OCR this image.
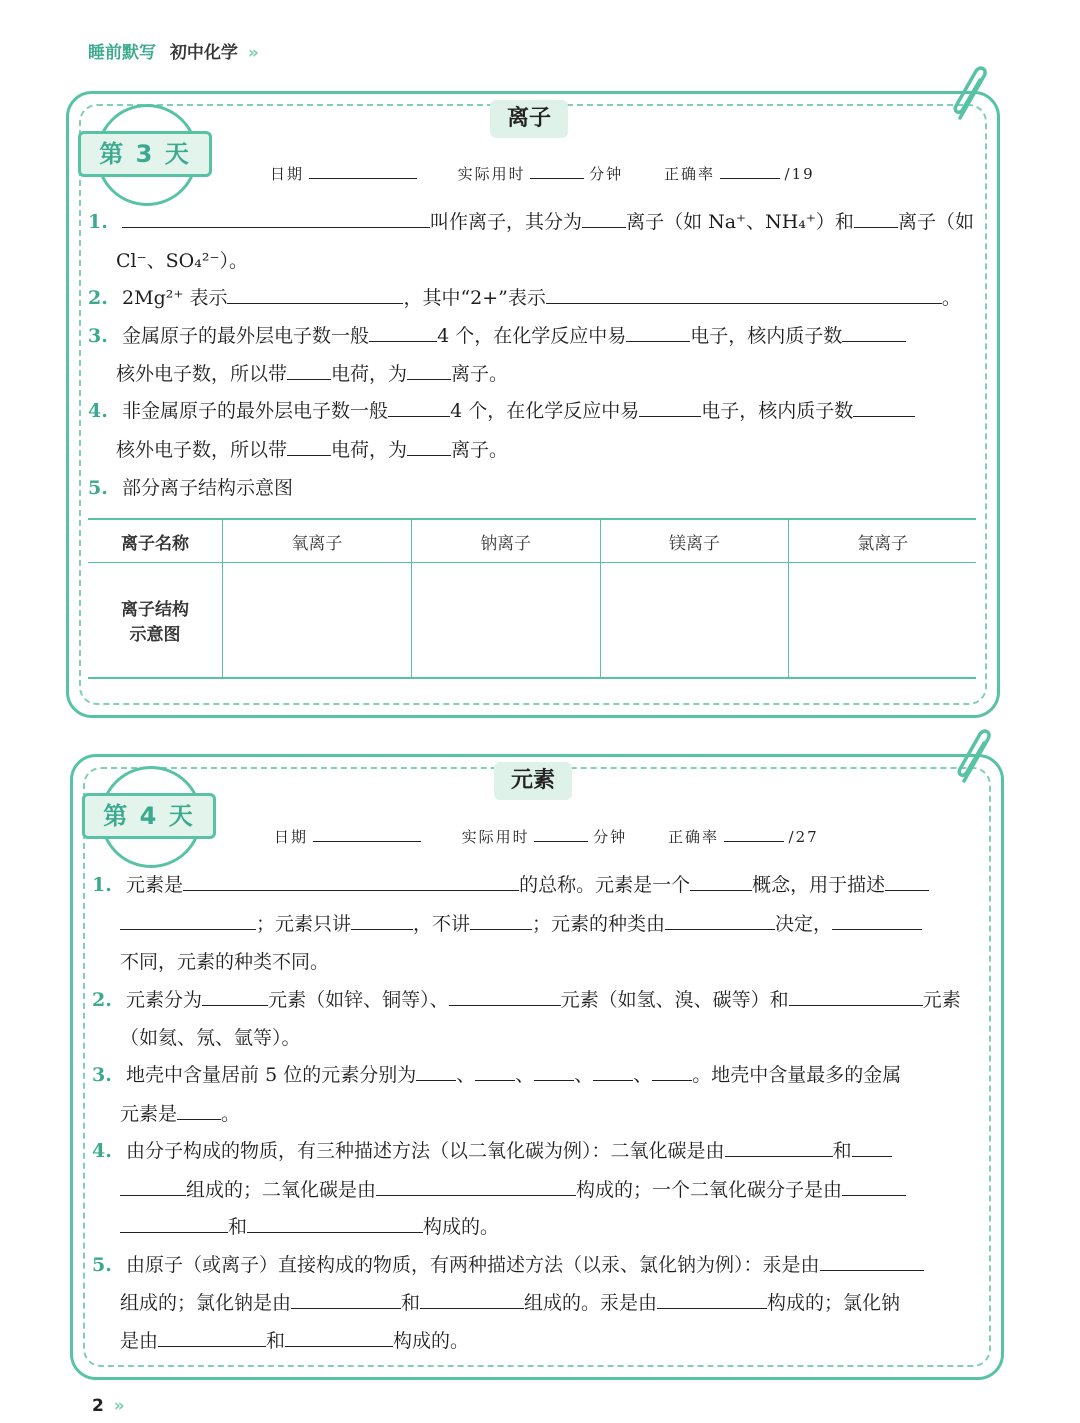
睡前默写 初中化学 »
离子
第 3 天
日期	实际用时	分钟	正确率	/19
1.	叫作离子，其分为 离子（如 Na⁺、NH₄⁺）和 离子（如
Cl⁻、SO₄²⁻）。
2. 2Mg²⁺ 表示	，其中“2+”表示	。
3. 金属原子的最外层电子数一般	4 个，在化学反应中易	电子，核内质子数
核外电子数，所以带 电荷，为 离子。
4. 非金属原子的最外层电子数一般	4 个，在化学反应中易	电子，核内质子数
核外电子数，所以带 电荷，为 离子。
5. 部分离子结构示意图
离子名称	氧离子	钠离子	镁离子	氯离子

离子结构
示意图				

元素
第 4 天
日期	实际用时	分钟	正确率	/27
1. 元素是	的总称。元素是一个	概念，用于描述
；元素只讲	，不讲	；元素的种类由	决定，
不同，元素的种类不同。
2. 元素分为	元素（如锌、铜等）、	元素（如氢、溴、碳等）和	元素
（如氦、氖、氩等）。
3. 地壳中含量居前 5 位的元素分别为 、 、 、 、 。地壳中含量最多的金属
元素是 。
4. 由分子构成的物质，有三种描述方法（以二氧化碳为例）：二氧化碳是由	和
组成的；二氧化碳是由	构成的；一个二氧化碳分子是由
和	构成的。
5. 由原子（或离子）直接构成的物质，有两种描述方法（以汞、氯化钠为例）：汞是由
组成的；氯化钠是由	和	组成的。汞是由	构成的；氯化钠
是由	和	构成的。
2 »
